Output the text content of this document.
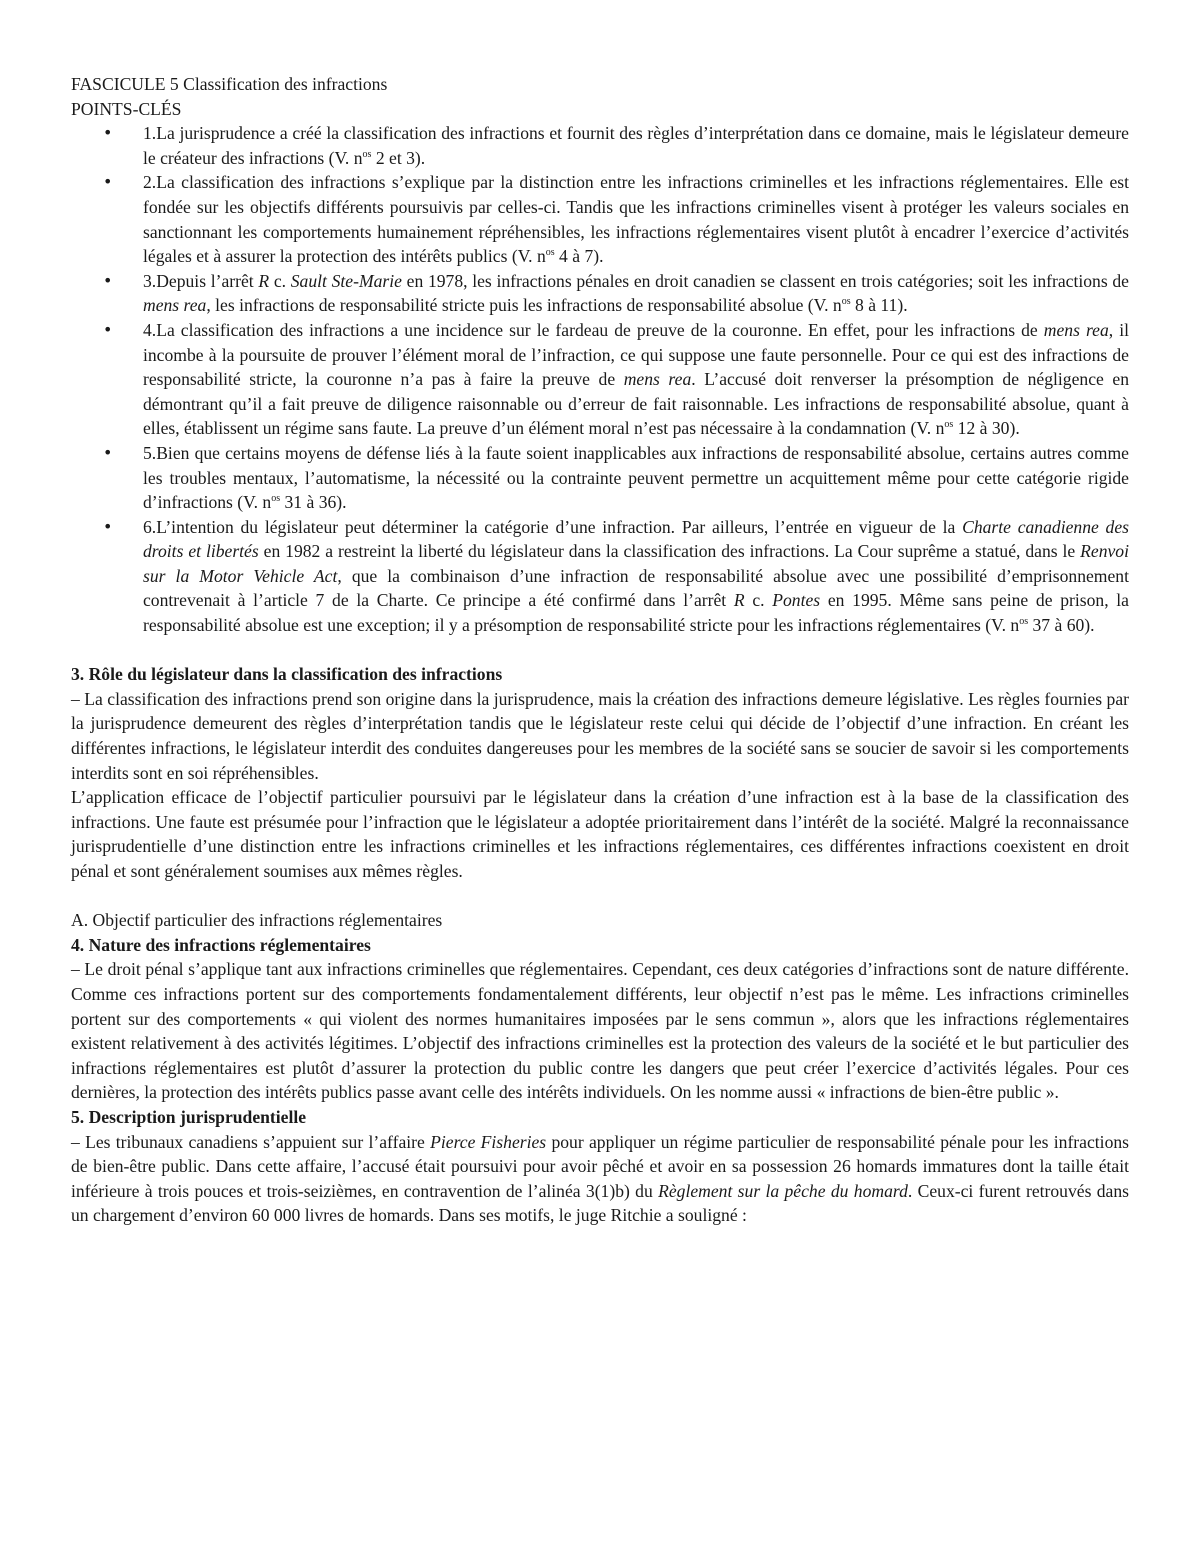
FASCICULE 5 Classification des infractions

POINTS-CLÉS

• 1.La jurisprudence a créé la classification des infractions et fournit des règles d’interprétation dans ce domaine, mais le législateur demeure le créateur des infractions (V. $n^{os}$ 2 et 3).
• 2.La classification des infractions s’explique par la distinction entre les infractions criminelles et les infractions réglementaires. Elle est fondée sur les objectifs différents poursuivis par celles-ci. Tandis que les infractions criminelles visent à protéger les valeurs sociales en sanctionnant les comportements humainement répréhensibles, les infractions réglementaires visent plutôt à encadrer l’exercice d’activités légales et à assurer la protection des intérêts publics (V. $n^{os}$ 4 à 7).
• 3.Depuis l’arrêt R c. Sault Ste-Marie en 1978, les infractions pénales en droit canadien se classent en trois catégories; soit les infractions de mens rea, les infractions de responsabilité stricte puis les infractions de responsabilité absolue (V. $n^{os}$ 8 à 11).
• 4.La classification des infractions a une incidence sur le fardeau de preuve de la couronne. En effet, pour les infractions de mens rea, il incombe à la poursuite de prouver l’élément moral de l’infraction, ce qui suppose une faute personnelle. Pour ce qui est des infractions de responsabilité stricte, la couronne n’a pas à faire la preuve de mens rea. L’accusé doit renverser la présomption de négligence en démontrant qu’il a fait preuve de diligence raisonnable ou d’erreur de fait raisonnable. Les infractions de responsabilité absolue, quant à elles, établissent un régime sans faute. La preuve d’un élément moral n’est pas nécessaire à la condamnation (V. $n^{os}$ 12 à 30).
• 5.Bien que certains moyens de défense liés à la faute soient inapplicables aux infractions de responsabilité absolue, certains autres comme les troubles mentaux, l’automatisme, la nécessité ou la contrainte peuvent permettre un acquittement même pour cette catégorie rigide d’infractions (V. $n^{os}$ 31 à 36).
• 6.L’intention du législateur peut déterminer la catégorie d’une infraction. Par ailleurs, l’entrée en vigueur de la Charte canadienne des droits et libertés en 1982 a restreint la liberté du législateur dans la classification des infractions. La Cour suprême a statué, dans le Renvoi sur la Motor Vehicle Act, que la combinaison d’une infraction de responsabilité absolue avec une possibilité d’emprisonnement contrevenait à l’article 7 de la Charte. Ce principe a été confirmé dans l’arrêt R c. Pontes en 1995. Même sans peine de prison, la responsabilité absolue est une exception; il y a présomption de responsabilité stricte pour les infractions réglementaires (V. $n^{os}$ 37 à 60).

3. Rôle du législateur dans la classification des infractions

– La classification des infractions prend son origine dans la jurisprudence, mais la création des infractions demeure législative. Les règles fournies par la jurisprudence demeurent des règles d’interprétation tandis que le législateur reste celui qui décide de l’objectif d’une infraction. En créant les différentes infractions, le législateur interdit des conduites dangereuses pour les membres de la société sans se soucier de savoir si les comportements interdits sont en soi répréhensibles.

L’application efficace de l’objectif particulier poursuivi par le législateur dans la création d’une infraction est à la base de la classification des infractions. Une faute est présumée pour l’infraction que le législateur a adoptée prioritairement dans l’intérêt de la société. Malgré la reconnaissance jurisprudentielle d’une distinction entre les infractions criminelles et les infractions réglementaires, ces différentes infractions coexistent en droit pénal et sont généralement soumises aux mêmes règles.

A. Objectif particulier des infractions réglementaires

4. Nature des infractions réglementaires

– Le droit pénal s’applique tant aux infractions criminelles que réglementaires. Cependant, ces deux catégories d’infractions sont de nature différente. Comme ces infractions portent sur des comportements fondamentalement différents, leur objectif n’est pas le même. Les infractions criminelles portent sur des comportements « qui violent des normes humanitaires imposées par le sens commun », alors que les infractions réglementaires existent relativement à des activités légitimes. L’objectif des infractions criminelles est la protection des valeurs de la société et le but particulier des infractions réglementaires est plutôt d’assurer la protection du public contre les dangers que peut créer l’exercice d’activités légales. Pour ces dernières, la protection des intérêts publics passe avant celle des intérêts individuels. On les nomme aussi « infractions de bien-être public ».

5. Description jurisprudentielle

– Les tribunaux canadiens s’appuient sur l’affaire Pierce Fisheries pour appliquer un régime particulier de responsabilité pénale pour les infractions de bien-être public. Dans cette affaire, l’accusé était poursuivi pour avoir pêché et avoir en sa possession 26 homards immatures dont la taille était inférieure à trois pouces et trois-seizièmes, en contravention de l’alinéa 3(1)b) du Règlement sur la pêche du homard. Ceux-ci furent retrouvés dans un chargement d’environ 60 000 livres de homards. Dans ses motifs, le juge Ritchie a souligné :
